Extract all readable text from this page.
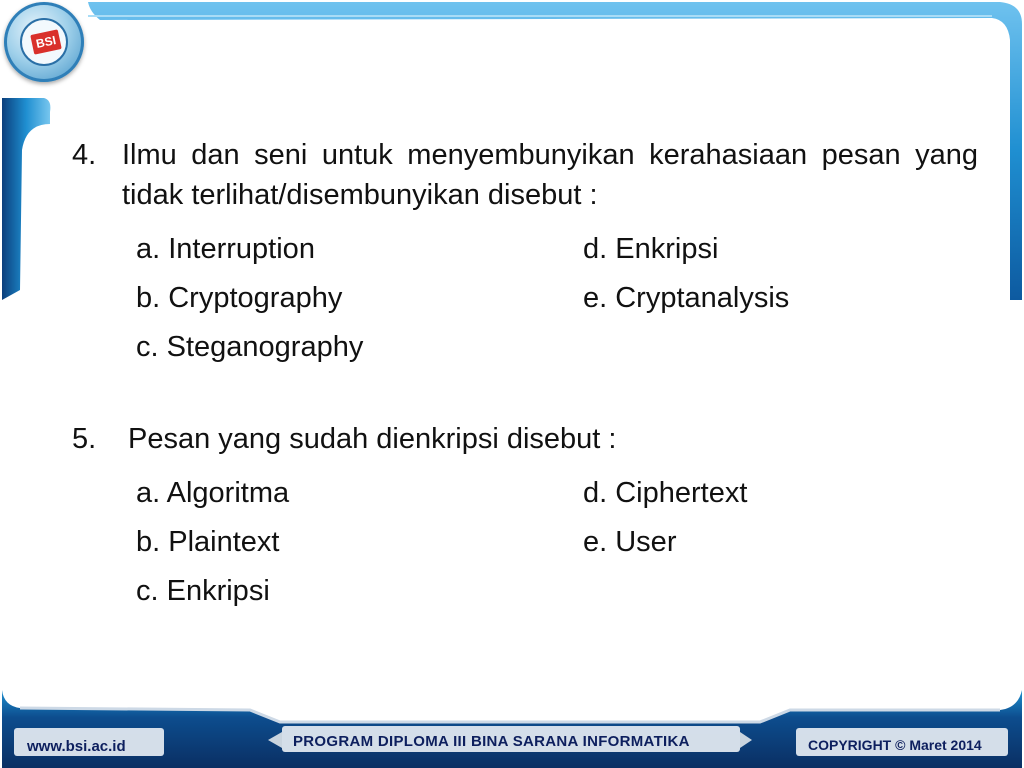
BSI
4. Ilmu dan seni untuk menyembunyikan kerahasiaan pesan yang tidak terlihat/disembunyikan disebut :
a. Interruption	d. Enkripsi
b. Cryptography	e. Cryptanalysis
c. Steganography
5.	Pesan yang sudah dienkripsi disebut :
a. Algoritma	d. Ciphertext
b. Plaintext	e. User
c. Enkripsi
www.bsi.ac.id	PROGRAM DIPLOMA III BINA SARANA INFORMATIKA	COPYRIGHT © Maret 2014
